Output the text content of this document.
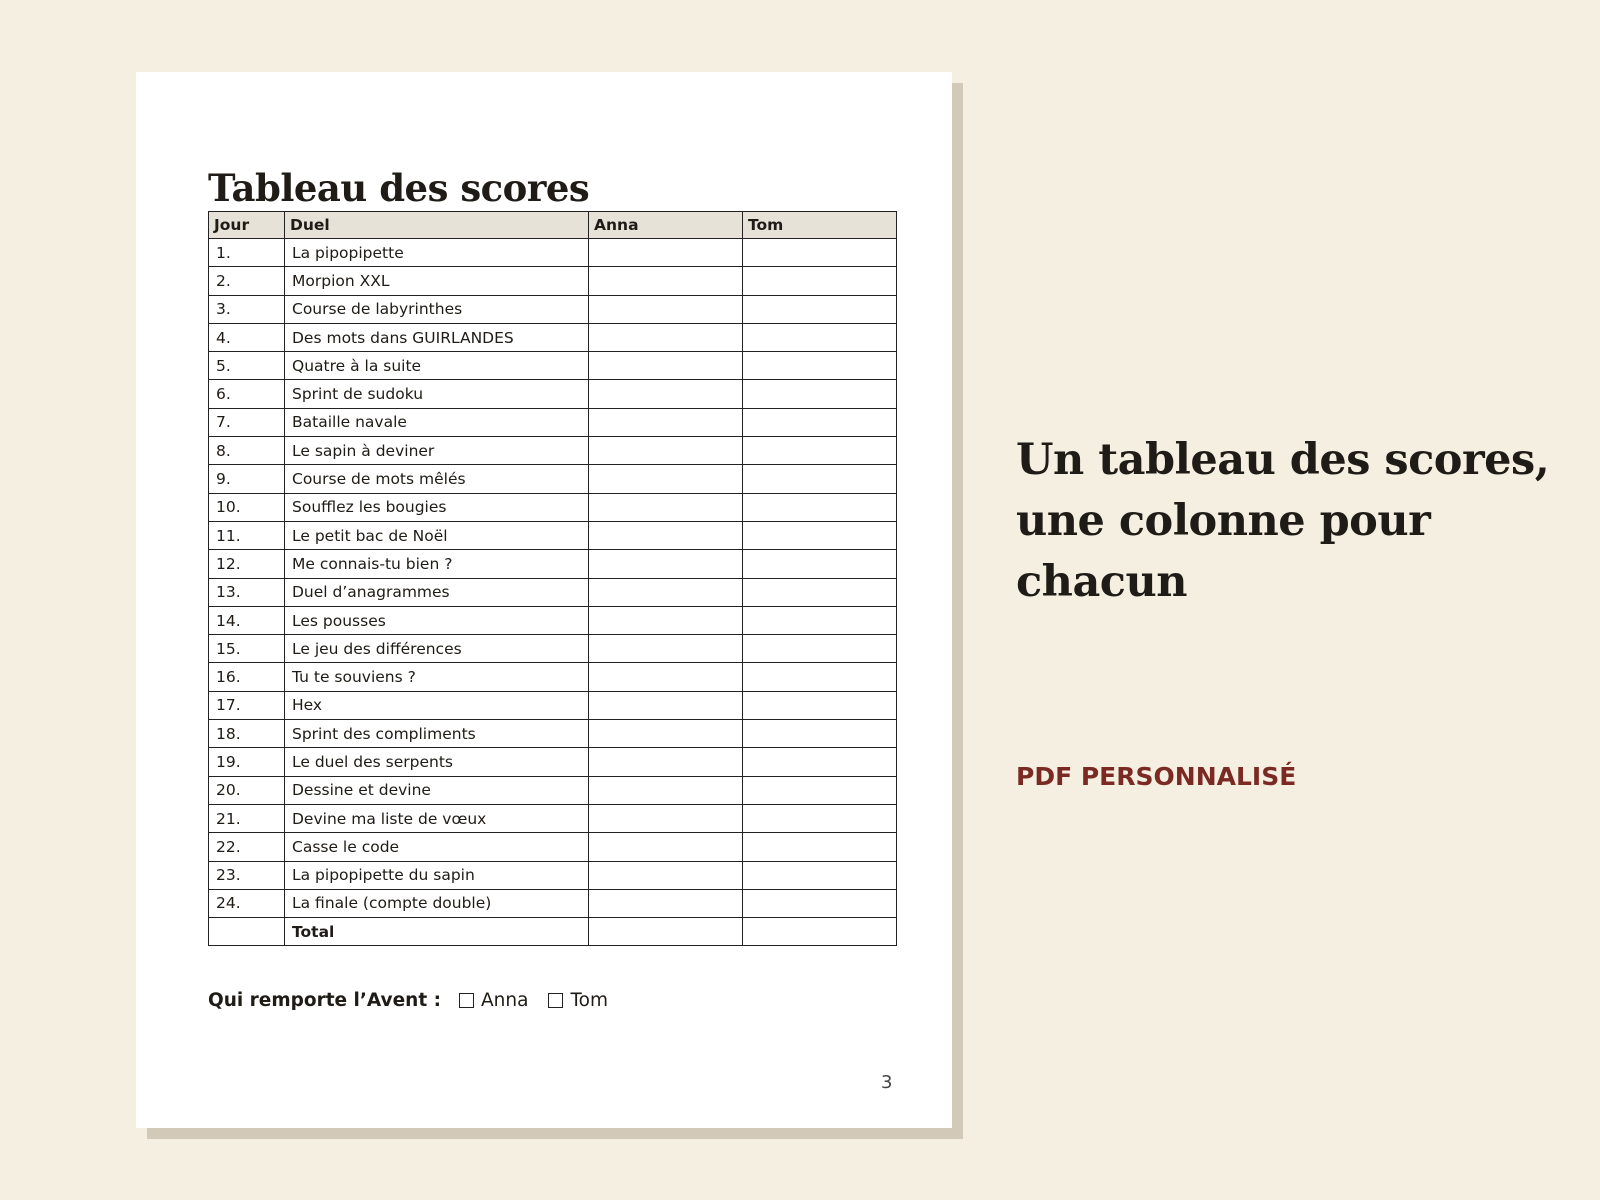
Tableau des scores
Jour	Duel	Anna	Tom
1.	La pipopipette		
2.	Morpion XXL		
3.	Course de labyrinthes		
4.	Des mots dans GUIRLANDES		
5.	Quatre à la suite		
6.	Sprint de sudoku		
7.	Bataille navale		
8.	Le sapin à deviner		
9.	Course de mots mêlés		
10.	Soufflez les bougies		
11.	Le petit bac de Noël		
12.	Me connais-tu bien ?		
13.	Duel d’anagrammes		
14.	Les pousses		
15.	Le jeu des différences		
16.	Tu te souviens ?		
17.	Hex		
18.	Sprint des compliments		
19.	Le duel des serpents		
20.	Dessine et devine		
21.	Devine ma liste de vœux		
22.	Casse le code		
23.	La pipopipette du sapin		
24.	La finale (compte double)		
	Total		
Qui remporte l’Avent : Anna Tom
3
Un tableau des scores, une colonne pour chacun
PDF PERSONNALISÉ
